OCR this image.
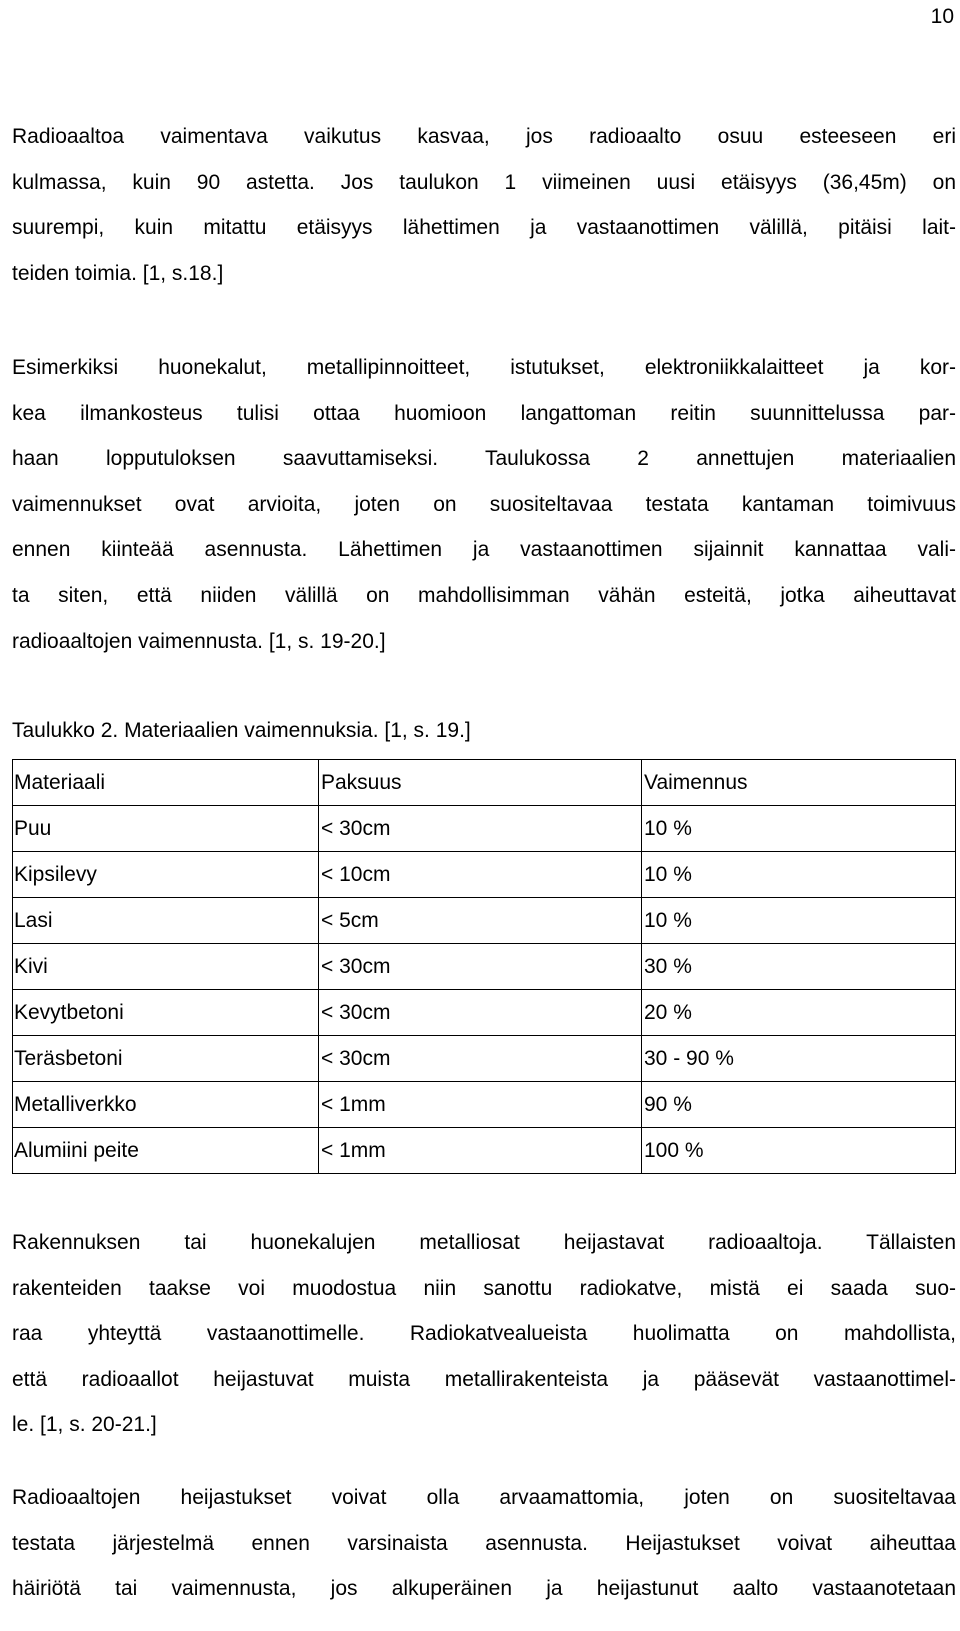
10
Radioaaltoa vaimentava vaikutus kasvaa, jos radioaalto osuu esteeseen eri
kulmassa, kuin 90 astetta. Jos taulukon 1 viimeinen uusi etäisyys (36,45m) on
suurempi, kuin mitattu etäisyys lähettimen ja vastaanottimen välillä, pitäisi lait-
teiden toimia. [1, s.18.]
Esimerkiksi huonekalut, metallipinnoitteet, istutukset, elektroniikkalaitteet ja kor-
kea ilmankosteus tulisi ottaa huomioon langattoman reitin suunnittelussa par-
haan lopputuloksen saavuttamiseksi. Taulukossa 2 annettujen materiaalien
vaimennukset ovat arvioita, joten on suositeltavaa testata kantaman toimivuus
ennen kiinteää asennusta. Lähettimen ja vastaanottimen sijainnit kannattaa vali-
ta siten, että niiden välillä on mahdollisimman vähän esteitä, jotka aiheuttavat
radioaaltojen vaimennusta. [1, s. 19-20.]
Taulukko 2. Materiaalien vaimennuksia. [1, s. 19.]
Materiaali	Paksuus	Vaimennus
Puu	< 30cm	10 %
Kipsilevy	< 10cm	10 %
Lasi	< 5cm	10 %
Kivi	< 30cm	30 %
Kevytbetoni	< 30cm	20 %
Teräsbetoni	< 30cm	30 - 90 %
Metalliverkko	< 1mm	90 %
Alumiini peite	< 1mm	100 %
Rakennuksen tai huonekalujen metalliosat heijastavat radioaaltoja. Tällaisten
rakenteiden taakse voi muodostua niin sanottu radiokatve, mistä ei saada suo-
raa yhteyttä vastaanottimelle. Radiokatvealueista huolimatta on mahdollista,
että radioaallot heijastuvat muista metallirakenteista ja pääsevät vastaanottimel-
le. [1, s. 20-21.]
Radioaaltojen heijastukset voivat olla arvaamattomia, joten on suositeltavaa
testata järjestelmä ennen varsinaista asennusta. Heijastukset voivat aiheuttaa
häiriötä tai vaimennusta, jos alkuperäinen ja heijastunut aalto vastaanotetaan
